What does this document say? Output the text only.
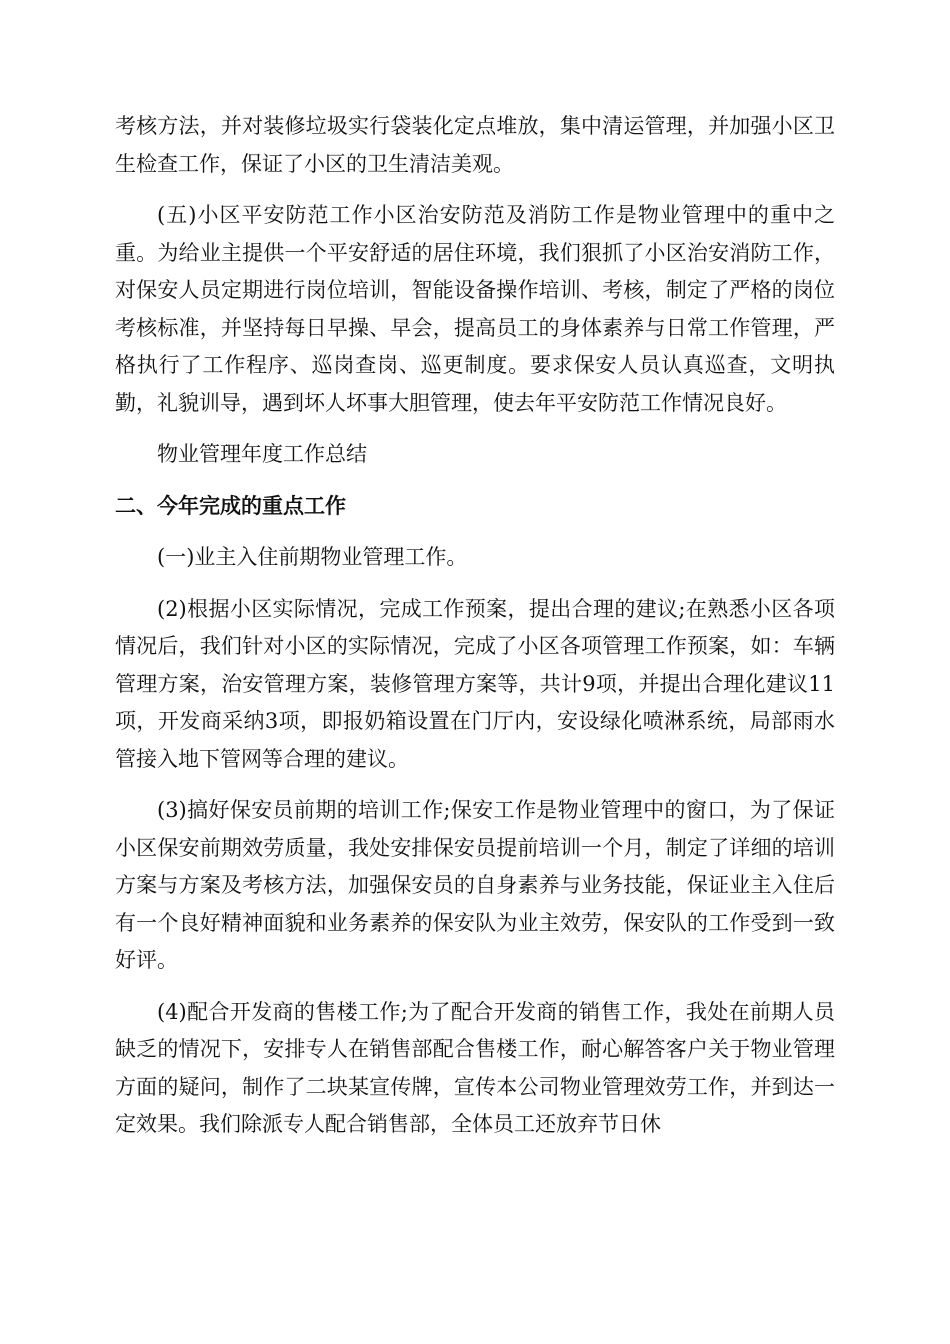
考核方法，并对装修垃圾实行袋装化定点堆放，集中清运管理，并加强小区卫生检查工作，保证了小区的卫生清洁美观。

(五)小区平安防范工作小区治安防范及消防工作是物业管理中的重中之重。为给业主提供一个平安舒适的居住环境，我们狠抓了小区治安消防工作，对保安人员定期进行岗位培训，智能设备操作培训、考核，制定了严格的岗位考核标准，并坚持每日早操、早会，提高员工的身体素养与日常工作管理，严格执行了工作程序、巡岗查岗、巡更制度。要求保安人员认真巡查，文明执勤，礼貌训导，遇到坏人坏事大胆管理，使去年平安防范工作情况良好。

物业管理年度工作总结

二、今年完成的重点工作

(一)业主入住前期物业管理工作。

(2)根据小区实际情况，完成工作预案，提出合理的建议;在熟悉小区各项情况后，我们针对小区的实际情况，完成了小区各项管理工作预案，如：车辆管理方案，治安管理方案，装修管理方案等，共计9项，并提出合理化建议11项，开发商采纳3项，即报奶箱设置在门厅内，安设绿化喷淋系统，局部雨水管接入地下管网等合理的建议。

(3)搞好保安员前期的培训工作;保安工作是物业管理中的窗口，为了保证小区保安前期效劳质量，我处安排保安员提前培训一个月，制定了详细的培训方案与方案及考核方法，加强保安员的自身素养与业务技能，保证业主入住后有一个良好精神面貌和业务素养的保安队为业主效劳，保安队的工作受到一致好评。

(4)配合开发商的售楼工作;为了配合开发商的销售工作，我处在前期人员缺乏的情况下，安排专人在销售部配合售楼工作，耐心解答客户关于物业管理方面的疑问，制作了二块某宣传牌，宣传本公司物业管理效劳工作，并到达一定效果。我们除派专人配合销售部，全体员工还放弃节日休
